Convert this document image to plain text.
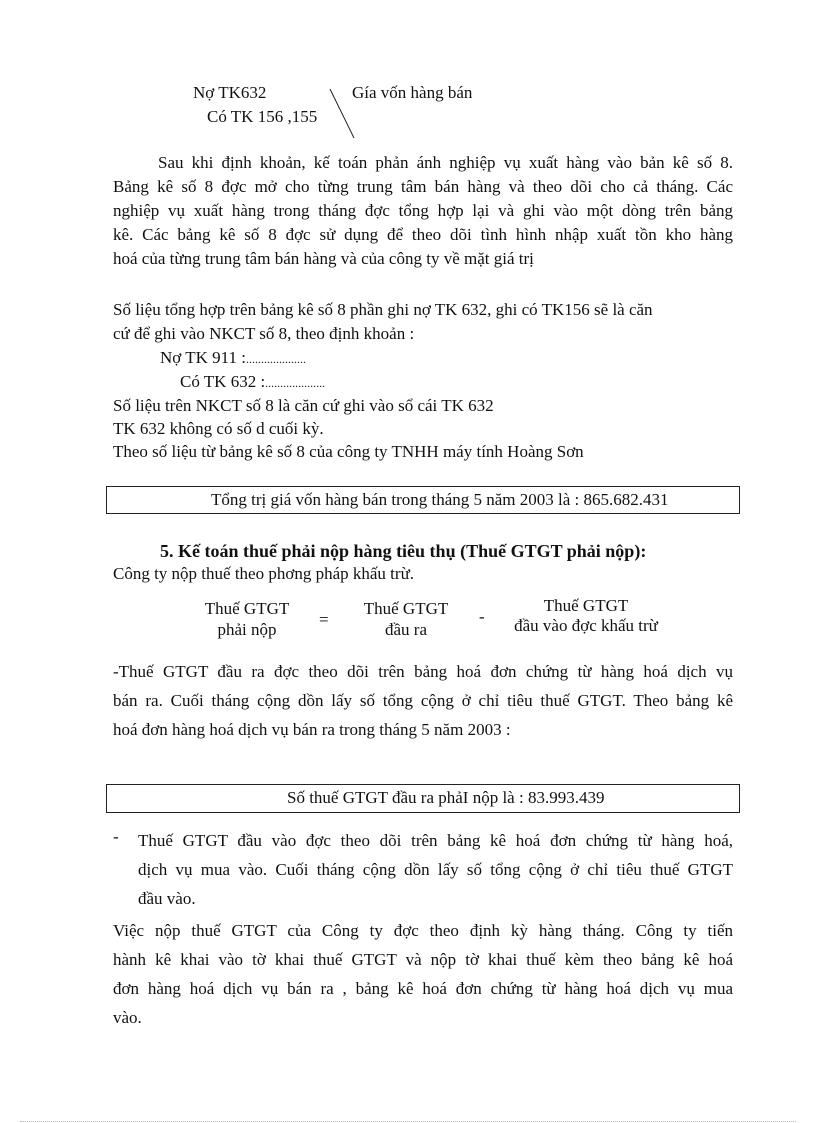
Nợ TK632
Có TK 156 ,155
Gía vốn hàng bán
Sau khi định khoản, kế toán phản ánh nghiệp vụ xuất hàng vào bản kê số 8.
Bảng kê số 8 đợc mở cho từng trung tâm bán hàng và theo dõi cho cả tháng. Các
nghiệp vụ xuất hàng trong tháng đợc tổng hợp lại và ghi vào một dòng trên bảng
kê. Các bảng kê số 8 đợc sử dụng để theo dõi tình hình nhập xuất tồn kho hàng
hoá của từng trung tâm bán hàng và của công ty về mặt giá trị
Số liệu tổng hợp trên bảng kê số 8 phần ghi nợ TK 632, ghi có TK156 sẽ là căn
cứ để ghi vào NKCT số 8, theo định khoản :
Nợ TK 911 :....................
Có TK 632 :....................
Số liệu trên NKCT số 8 là căn cứ ghi vào sổ cái TK 632
TK 632 không có số d cuối kỳ.
Theo số liệu từ bảng kê số 8 của công ty TNHH máy tính Hoàng Sơn
Tổng trị giá vốn hàng bán trong tháng 5 năm 2003 là : 865.682.431
5. Kế toán thuế phải nộp hàng tiêu thụ (Thuế GTGT phải nộp):
Công ty nộp thuế theo phơng pháp khấu trừ.
Thuế GTGT
phải nộp
=
Thuế GTGT
đầu ra
-
Thuế GTGT
đầu vào đợc khấu trừ
-Thuế GTGT đầu ra đợc theo dõi trên bảng hoá đơn chứng từ hàng hoá dịch vụ
bán ra. Cuối tháng cộng dồn lấy số tổng cộng ở chỉ tiêu thuế GTGT. Theo bảng kê
hoá đơn hàng hoá dịch vụ bán ra trong tháng 5 năm 2003 :
Số thuế GTGT đầu ra phảI nộp là : 83.993.439
- Thuế GTGT đầu vào đợc theo dõi trên bảng kê hoá đơn chứng từ hàng hoá,
dịch vụ mua vào. Cuối tháng cộng dồn lấy số tổng cộng ở chỉ tiêu thuế GTGT
đầu vào.
Việc nộp thuế GTGT của Công ty đợc theo định kỳ hàng tháng. Công ty tiến
hành kê khai vào tờ khai thuế GTGT và nộp tờ khai thuế kèm theo bảng kê hoá
đơn hàng hoá dịch vụ bán ra , bảng kê hoá đơn chứng từ hàng hoá dịch vụ mua
vào.
